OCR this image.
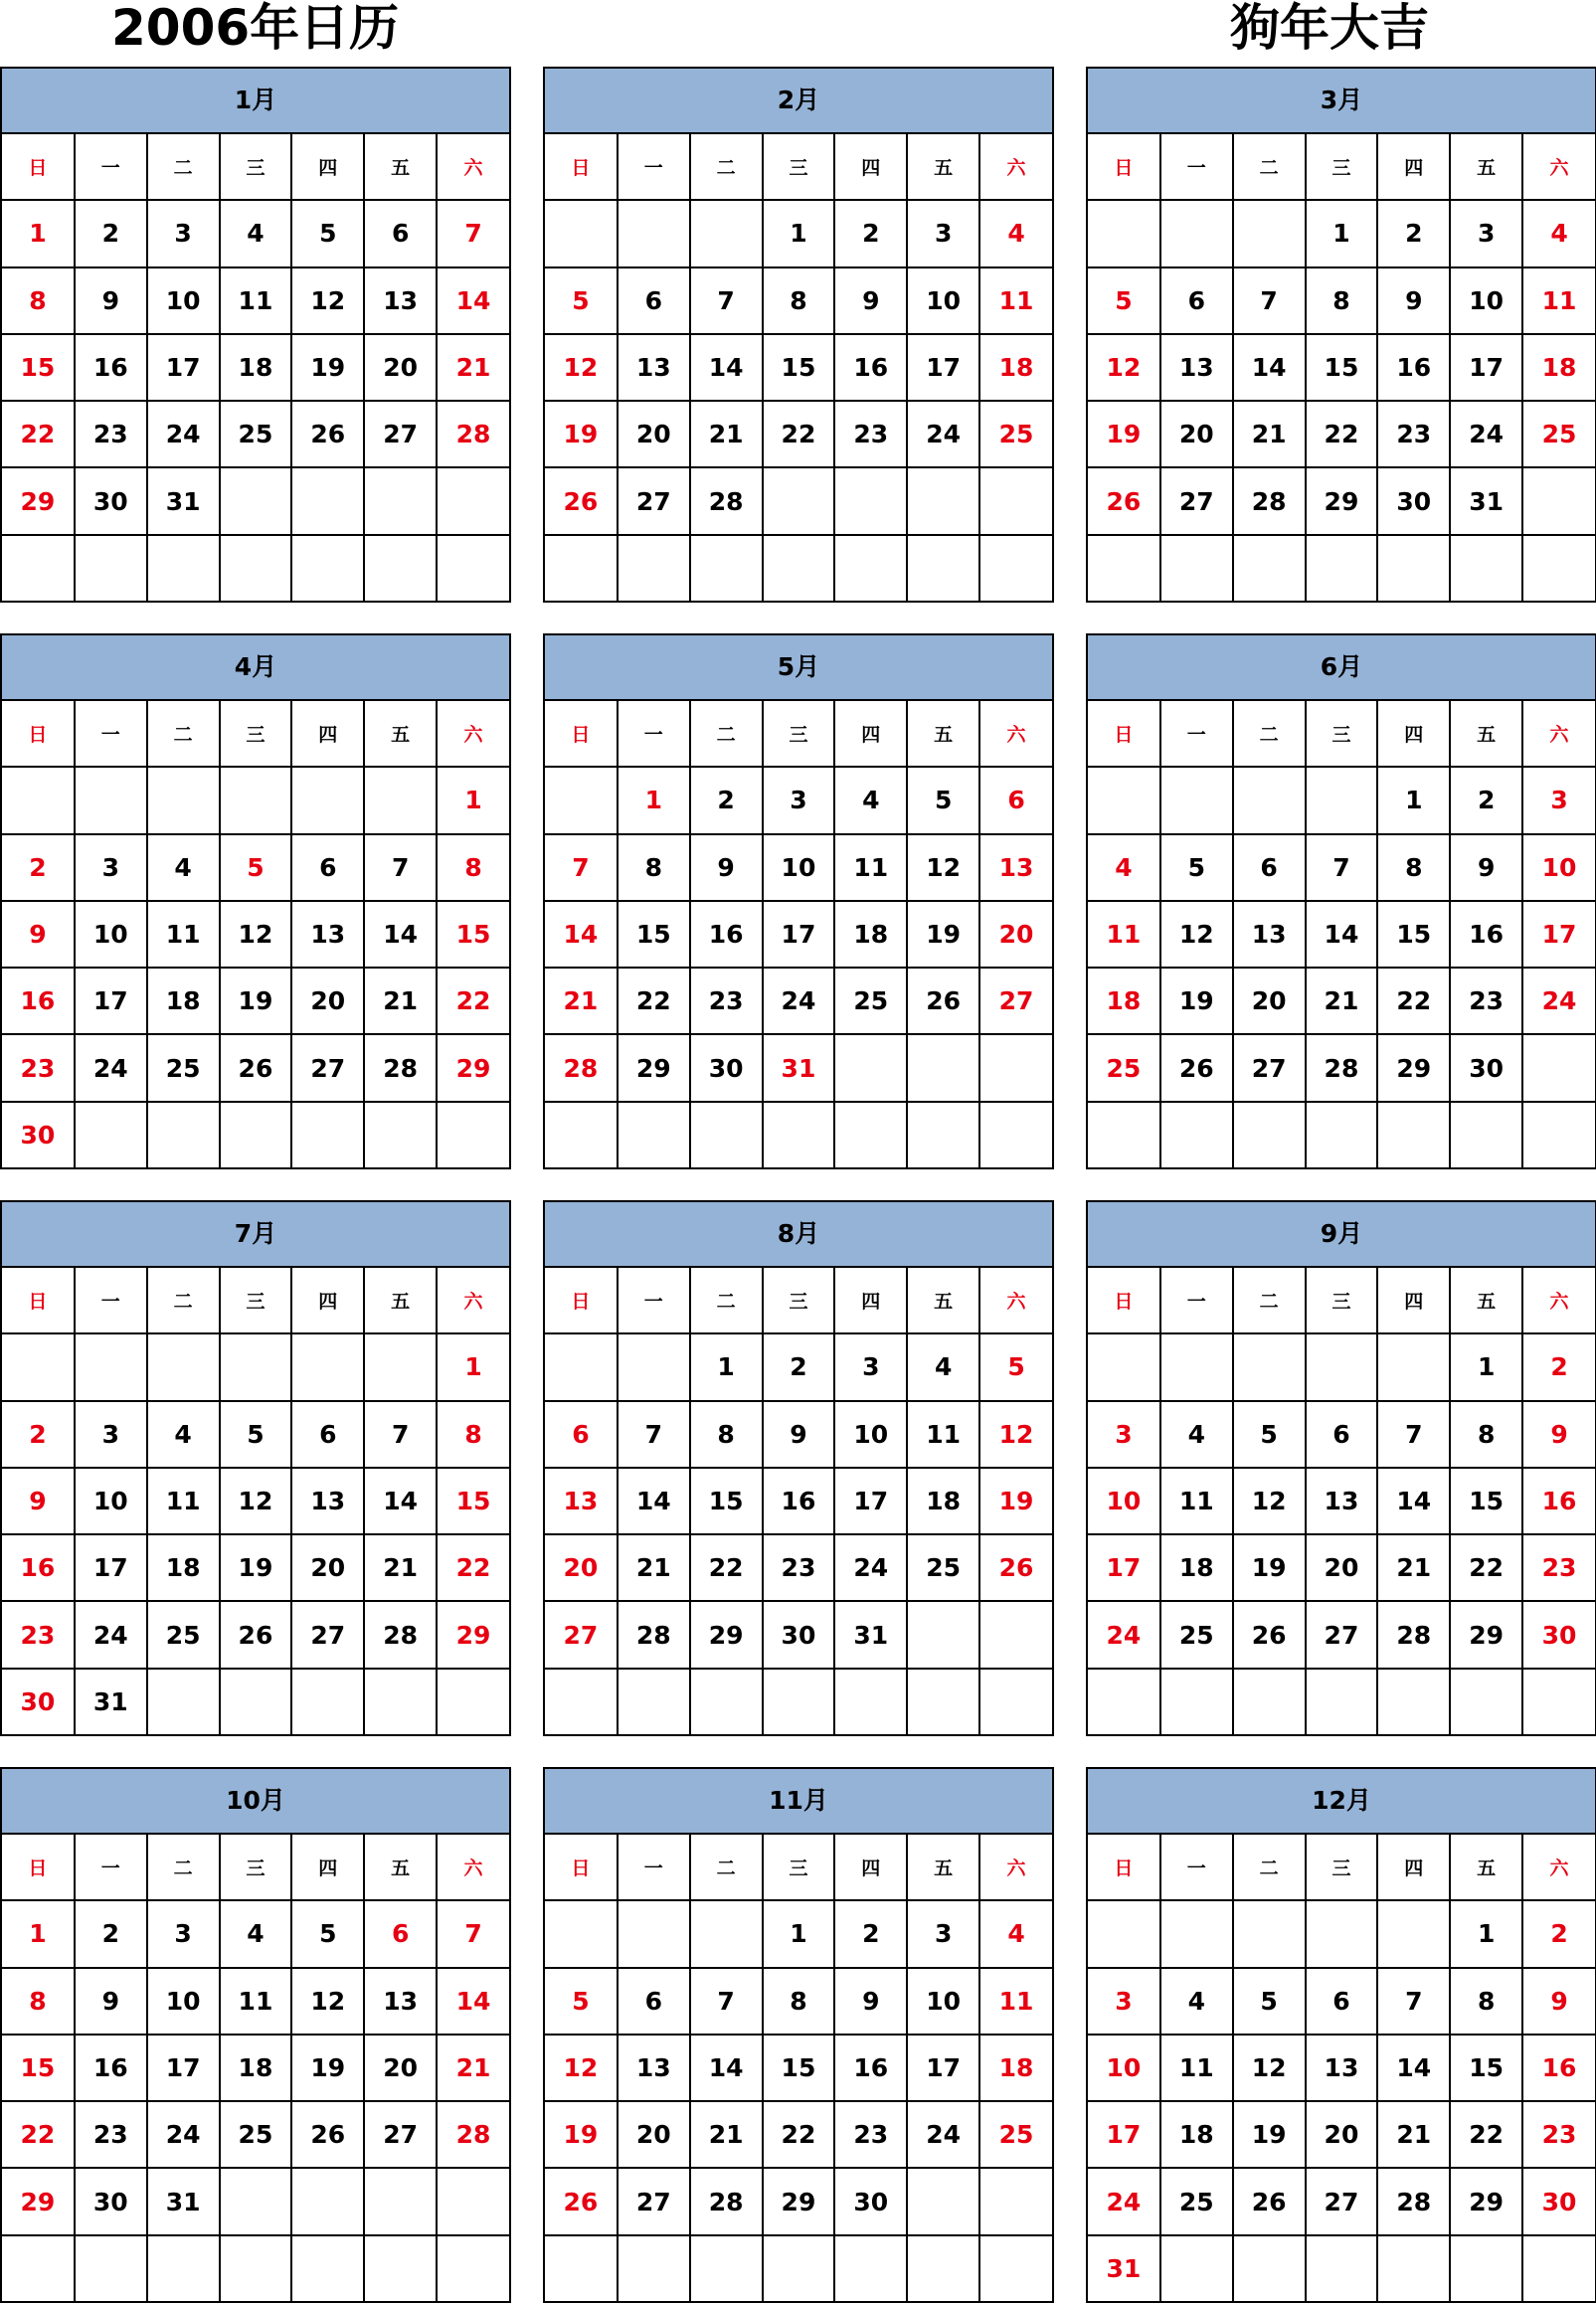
2006年日历	狗年大吉
1月
日	一	二	三	四	五	六
1	2	3	4	5	6	7
8	9	10	11	12	13	14
15	16	17	18	19	20	21
22	23	24	25	26	27	28
29	30	31				

2月
日	一	二	三	四	五	六
			1	2	3	4
5	6	7	8	9	10	11
12	13	14	15	16	17	18
19	20	21	22	23	24	25
26	27	28				

3月
日	一	二	三	四	五	六
			1	2	3	4
5	6	7	8	9	10	11
12	13	14	15	16	17	18
19	20	21	22	23	24	25
26	27	28	29	30	31	

4月
日	一	二	三	四	五	六
						1
2	3	4	5	6	7	8
9	10	11	12	13	14	15
16	17	18	19	20	21	22
23	24	25	26	27	28	29
30						
5月
日	一	二	三	四	五	六
	1	2	3	4	5	6
7	8	9	10	11	12	13
14	15	16	17	18	19	20
21	22	23	24	25	26	27
28	29	30	31			

6月
日	一	二	三	四	五	六
				1	2	3
4	5	6	7	8	9	10
11	12	13	14	15	16	17
18	19	20	21	22	23	24
25	26	27	28	29	30	

7月
日	一	二	三	四	五	六
						1
2	3	4	5	6	7	8
9	10	11	12	13	14	15
16	17	18	19	20	21	22
23	24	25	26	27	28	29
30	31					
8月
日	一	二	三	四	五	六
		1	2	3	4	5
6	7	8	9	10	11	12
13	14	15	16	17	18	19
20	21	22	23	24	25	26
27	28	29	30	31		

9月
日	一	二	三	四	五	六
					1	2
3	4	5	6	7	8	9
10	11	12	13	14	15	16
17	18	19	20	21	22	23
24	25	26	27	28	29	30

10月
日	一	二	三	四	五	六
1	2	3	4	5	6	7
8	9	10	11	12	13	14
15	16	17	18	19	20	21
22	23	24	25	26	27	28
29	30	31				

11月
日	一	二	三	四	五	六
			1	2	3	4
5	6	7	8	9	10	11
12	13	14	15	16	17	18
19	20	21	22	23	24	25
26	27	28	29	30		

12月
日	一	二	三	四	五	六
					1	2
3	4	5	6	7	8	9
10	11	12	13	14	15	16
17	18	19	20	21	22	23
24	25	26	27	28	29	30
31						
